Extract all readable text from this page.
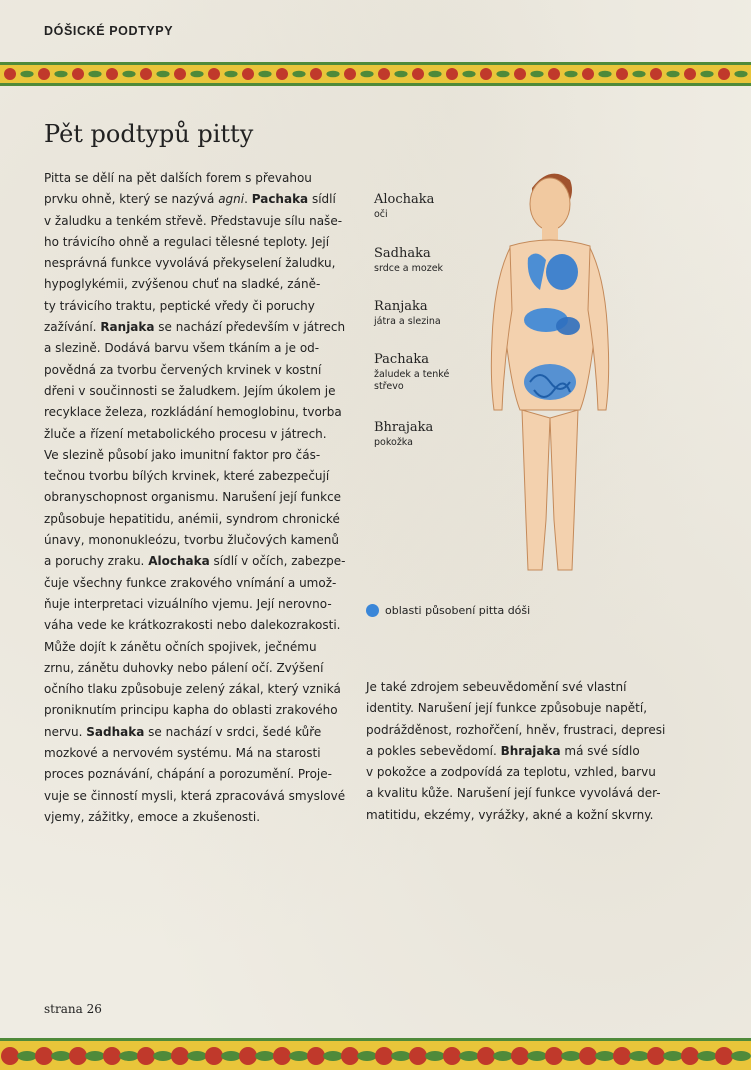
DÓŠICKÉ PODTYPY
Pět podtypů pitty
Pitta se dělí na pět dalších forem s převahou
prvku ohně, který se nazývá agni. Pachaka sídlí
v žaludku a tenkém střevě. Představuje sílu naše-
ho trávicího ohně a regulaci tělesné teploty. Její
nesprávná funkce vyvolává překyselení žaludku,
hypoglykémii, zvýšenou chuť na sladké, záně-
ty trávicího traktu, peptické vředy či poruchy
zažívání. Ranjaka se nachází především v játrech
a slezině. Dodává barvu všem tkáním a je od-
povědná za tvorbu červených krvinek v kostní
dřeni v součinnosti se žaludkem. Jejím úkolem je
recyklace železa, rozkládání hemoglobinu, tvorba
žluče a řízení metabolického procesu v játrech.
Ve slezině působí jako imunitní faktor pro čás-
tečnou tvorbu bílých krvinek, které zabezpečují
obranyschopnost organismu. Narušení její funkce
způsobuje hepatitidu, anémii, syndrom chronické
únavy, mononukleózu, tvorbu žlučových kamenů
a poruchy zraku. Alochaka sídlí v očích, zabezpe-
čuje všechny funkce zrakového vnímání a umož-
ňuje interpretaci vizuálního vjemu. Její nerovno-
váha vede ke krátkozrakosti nebo dalekozrakosti.
Může dojít k zánětu očních spojivek, ječnému
zrnu, zánětu duhovky nebo pálení očí. Zvýšení
očního tlaku způsobuje zelený zákal, který vzniká
proniknutím principu kapha do oblasti zrakového
nervu. Sadhaka se nachází v srdci, šedé kůře
mozkové a nervovém systému. Má na starosti
proces poznávání, chápání a porozumění. Proje-
vuje se činností mysli, která zpracovává smyslové
vjemy, zážitky, emoce a zkušenosti.
Alochaka
oči
Sadhaka
srdce a mozek
Ranjaka
játra a slezina
Pachaka
žaludek a tenké střevo
Bhrajaka
pokožka
oblasti působení pitta dóši
Je také zdrojem sebeuvědomění své vlastní
identity. Narušení její funkce způsobuje napětí,
podrážděnost, rozhořčení, hněv, frustraci, depresi
a pokles sebevědomí. Bhrajaka má své sídlo
v pokožce a zodpovídá za teplotu, vzhled, barvu
a kvalitu kůže. Narušení její funkce vyvolává der-
matitidu, ekzémy, vyrážky, akné a kožní skvrny.
strana 26
